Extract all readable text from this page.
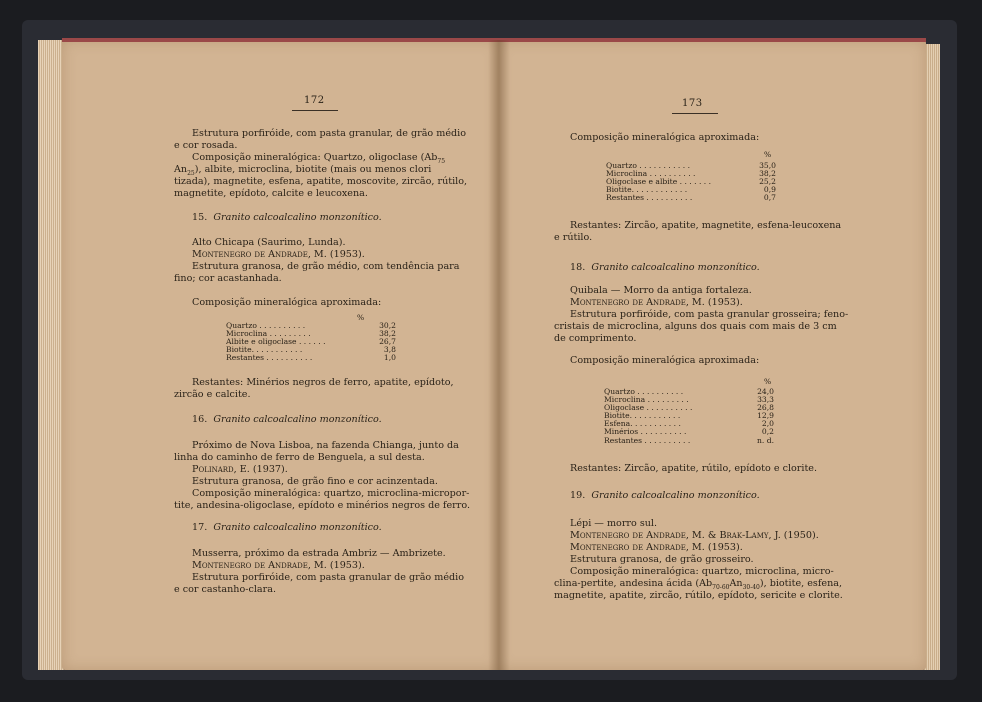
172
Estrutura porfiróide, com pasta granular, de grão médio
e cor rosada.
Composição mineralógica: Quartzo, oligoclase ($Ab_{75}$
$An_{25}$), albite, microclina, biotite (mais ou menos clori
tizada), magnetite, esfena, apatite, moscovite, zircão, rútilo,
magnetite, epídoto, calcite e leucoxena.
15. Granito calcoalcalino monzonítico.
Alto Chicapa (Saurimo, Lunda).
Montenegro de Andrade, M. (1953).
Estrutura granosa, de grão médio, com tendência para
fino; cor acastanhada.
Composição mineralógica aproximada:
%
Quartzo . . . . . . . . . .	30,2
Microclina . . . . . . . . .	38,2
Albite e oligoclase . . . . . .	26,7
Biotite. . . . . . . . . . .	3,8
Restantes . . . . . . . . . .	1,0
Restantes: Minérios negros de ferro, apatite, epídoto,
zircão e calcite.
16. Granito calcoalcalino monzonítico.
Próximo de Nova Lisboa, na fazenda Chianga, junto da
linha do caminho de ferro de Benguela, a sul desta.
Polinard, E. (1937).
Estrutura granosa, de grão fino e cor acinzentada.
Composição mineralógica: quartzo, microclina-micropor-
tite, andesina-oligoclase, epídoto e minérios negros de ferro.
17. Granito calcoalcalino monzonítico.
Musserra, próximo da estrada Ambriz — Ambrizete.
Montenegro de Andrade, M. (1953).
Estrutura porfiróide, com pasta granular de grão médio
e cor castanho-clara.
173
Composição mineralógica aproximada:
%
Quartzo . . . . . . . . . . .	35,0
Microclina . . . . . . . . . .	38,2
Oligoclase e albite . . . . . . .	25,2
Biotite. . . . . . . . . . . .	0,9
Restantes . . . . . . . . . .	0,7
Restantes: Zircão, apatite, magnetite, esfena-leucoxena
e rútilo.
18. Granito calcoalcalino monzonítico.
Quibala — Morro da antiga fortaleza.
Montenegro de Andrade, M. (1953).
Estrutura porfiróide, com pasta granular grosseira; feno-
cristais de microclina, alguns dos quais com mais de 3 cm
de comprimento.
Composição mineralógica aproximada:
%
Quartzo . . . . . . . . . .	24,0
Microclina . . . . . . . . .	33,3
Oligoclase . . . . . . . . . .	26,8
Biotite. . . . . . . . . . .	12,9
Esfena. . . . . . . . . . .	2,0
Minérios . . . . . . . . . .	0,2
Restantes . . . . . . . . . .	n. d.
Restantes: Zircão, apatite, rútilo, epídoto e clorite.
19. Granito calcoalcalino monzonítico.
Lépi — morro sul.
Montenegro de Andrade, M. & Brak-Lamy, J. (1950).
Montenegro de Andrade, M. (1953).
Estrutura granosa, de grão grosseiro.
Composição mineralógica: quartzo, microclina, micro-
clina-pertite, andesina ácida $(Ab_{70-60}An_{30-40})$, biotite, esfena,
magnetite, apatite, zircão, rútilo, epídoto, sericite e clorite.
